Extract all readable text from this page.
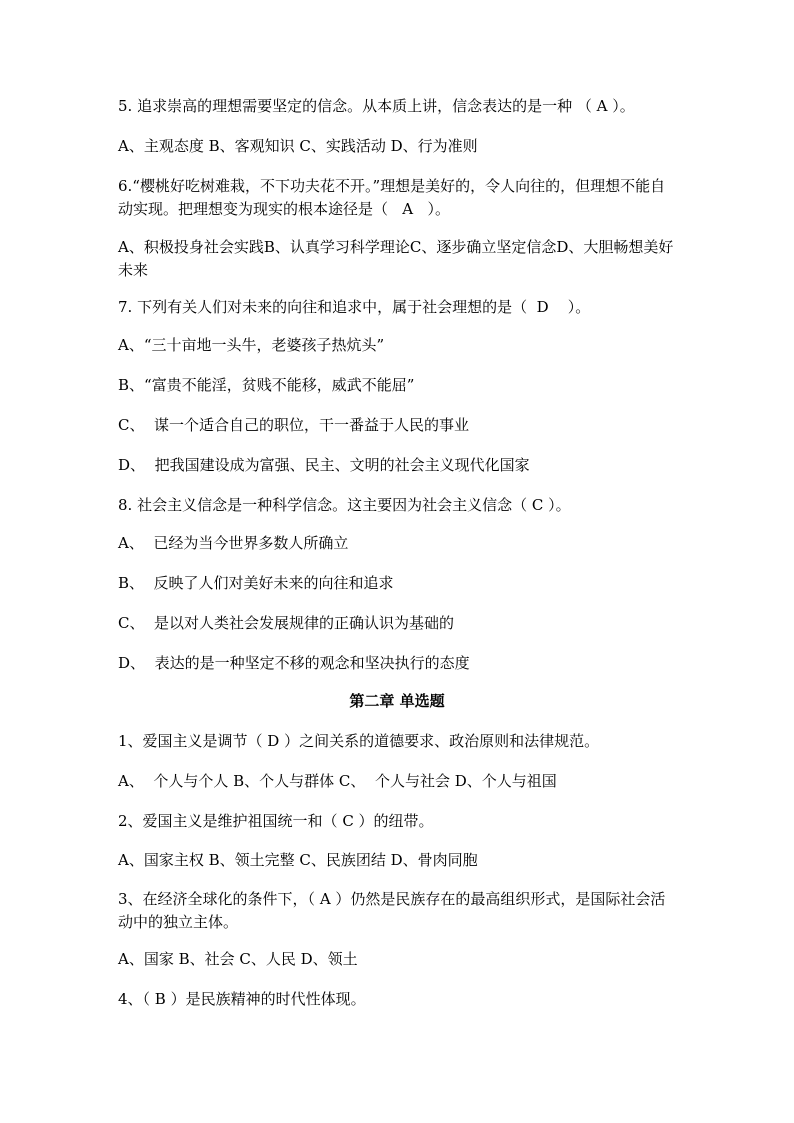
5. 追求崇高的理想需要坚定的信念。从本质上讲，信念表达的是一种 （ A ）。

A、主观态度 B、客观知识 C、实践活动 D、行为准则

6.“樱桃好吃树难栽，不下功夫花不开。”理想是美好的，令人向往的，但理想不能自动实现。把理想变为现实的根本途径是（   A   ）。

A、积极投身社会实践B、认真学习科学理论C、逐步确立坚定信念D、大胆畅想美好未来

7. 下列有关人们对未来的向往和追求中，属于社会理想的是（  D    ）。

A、“三十亩地一头牛，老婆孩子热炕头”

B、“富贵不能淫，贫贱不能移，威武不能屈”

C、  谋一个适合自己的职位，干一番益于人民的事业

D、  把我国建设成为富强、民主、文明的社会主义现代化国家

8. 社会主义信念是一种科学信念。这主要因为社会主义信念（ C ）。

A、  已经为当今世界多数人所确立

B、  反映了人们对美好未来的向往和追求

C、  是以对人类社会发展规律的正确认识为基础的

D、  表达的是一种坚定不移的观念和坚决执行的态度

第二章 单选题

1、爱国主义是调节（ D ）之间关系的道德要求、政治原则和法律规范。

A、  个人与个人 B、个人与群体 C、  个人与社会 D、个人与祖国

2、爱国主义是维护祖国统一和（ C ）的纽带。

A、国家主权 B、领土完整 C、民族团结 D、骨肉同胞

3、在经济全球化的条件下，（ A ）仍然是民族存在的最高组织形式，是国际社会活动中的独立主体。

A、国家 B、社会 C、人民 D、领土

4、（ B ）是民族精神的时代性体现。
